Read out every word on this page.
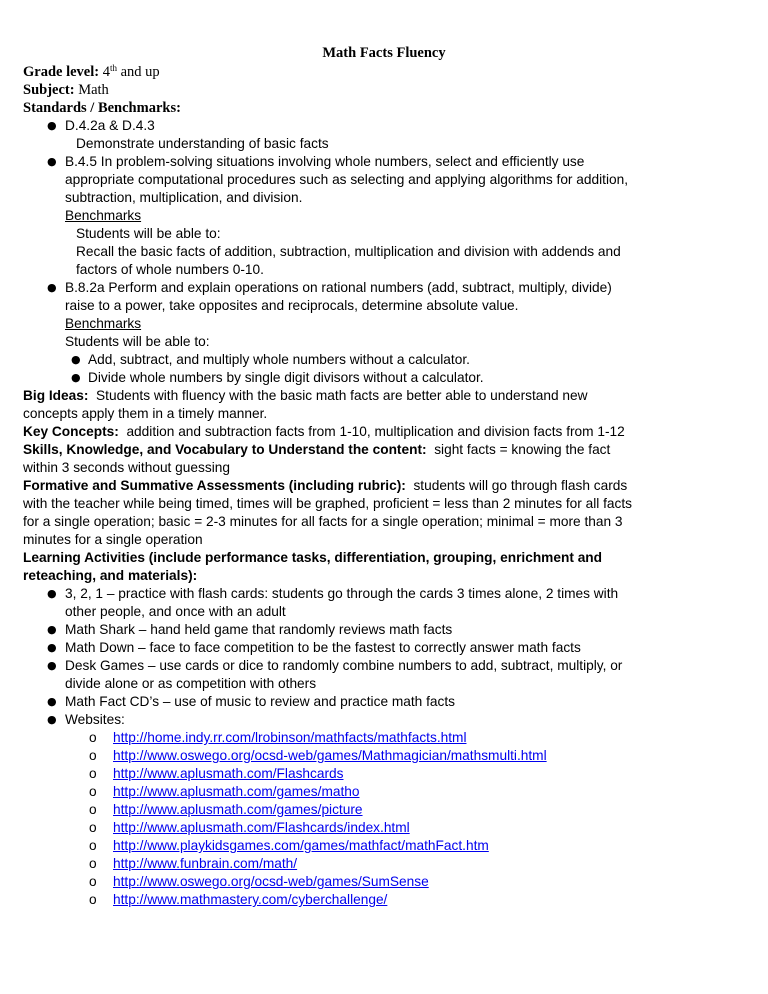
Math Facts Fluency
Grade level: 4th and up
Subject: Math
Standards / Benchmarks:
● D.4.2a & D.4.3
Demonstrate understanding of basic facts
● B.4.5 In problem-solving situations involving whole numbers, select and efficiently use
appropriate computational procedures such as selecting and applying algorithms for addition,
subtraction, multiplication, and division.
Benchmarks
Students will be able to:
Recall the basic facts of addition, subtraction, multiplication and division with addends and
factors of whole numbers 0-10.
● B.8.2a Perform and explain operations on rational numbers (add, subtract, multiply, divide)
raise to a power, take opposites and reciprocals, determine absolute value.
Benchmarks
Students will be able to:
● Add, subtract, and multiply whole numbers without a calculator.
● Divide whole numbers by single digit divisors without a calculator.
Big Ideas:  Students with fluency with the basic math facts are better able to understand new
concepts apply them in a timely manner.
Key Concepts:  addition and subtraction facts from 1-10, multiplication and division facts from 1-12
Skills, Knowledge, and Vocabulary to Understand the content:  sight facts = knowing the fact
within 3 seconds without guessing
Formative and Summative Assessments (including rubric):  students will go through flash cards
with the teacher while being timed, times will be graphed, proficient = less than 2 minutes for all facts
for a single operation; basic = 2-3 minutes for all facts for a single operation; minimal = more than 3
minutes for a single operation
Learning Activities (include performance tasks, differentiation, grouping, enrichment and
reteaching, and materials):
● 3, 2, 1 – practice with flash cards: students go through the cards 3 times alone, 2 times with
other people, and once with an adult
● Math Shark – hand held game that randomly reviews math facts
● Math Down – face to face competition to be the fastest to correctly answer math facts
● Desk Games – use cards or dice to randomly combine numbers to add, subtract, multiply, or
divide alone or as competition with others
● Math Fact CD’s – use of music to review and practice math facts
● Websites:
o http://home.indy.rr.com/lrobinson/mathfacts/mathfacts.html
o http://www.oswego.org/ocsd-web/games/Mathmagician/mathsmulti.html
o http://www.aplusmath.com/Flashcards
o http://www.aplusmath.com/games/matho
o http://www.aplusmath.com/games/picture
o http://www.aplusmath.com/Flashcards/index.html
o http://www.playkidsgames.com/games/mathfact/mathFact.htm
o http://www.funbrain.com/math/
o http://www.oswego.org/ocsd-web/games/SumSense
o http://www.mathmastery.com/cyberchallenge/
